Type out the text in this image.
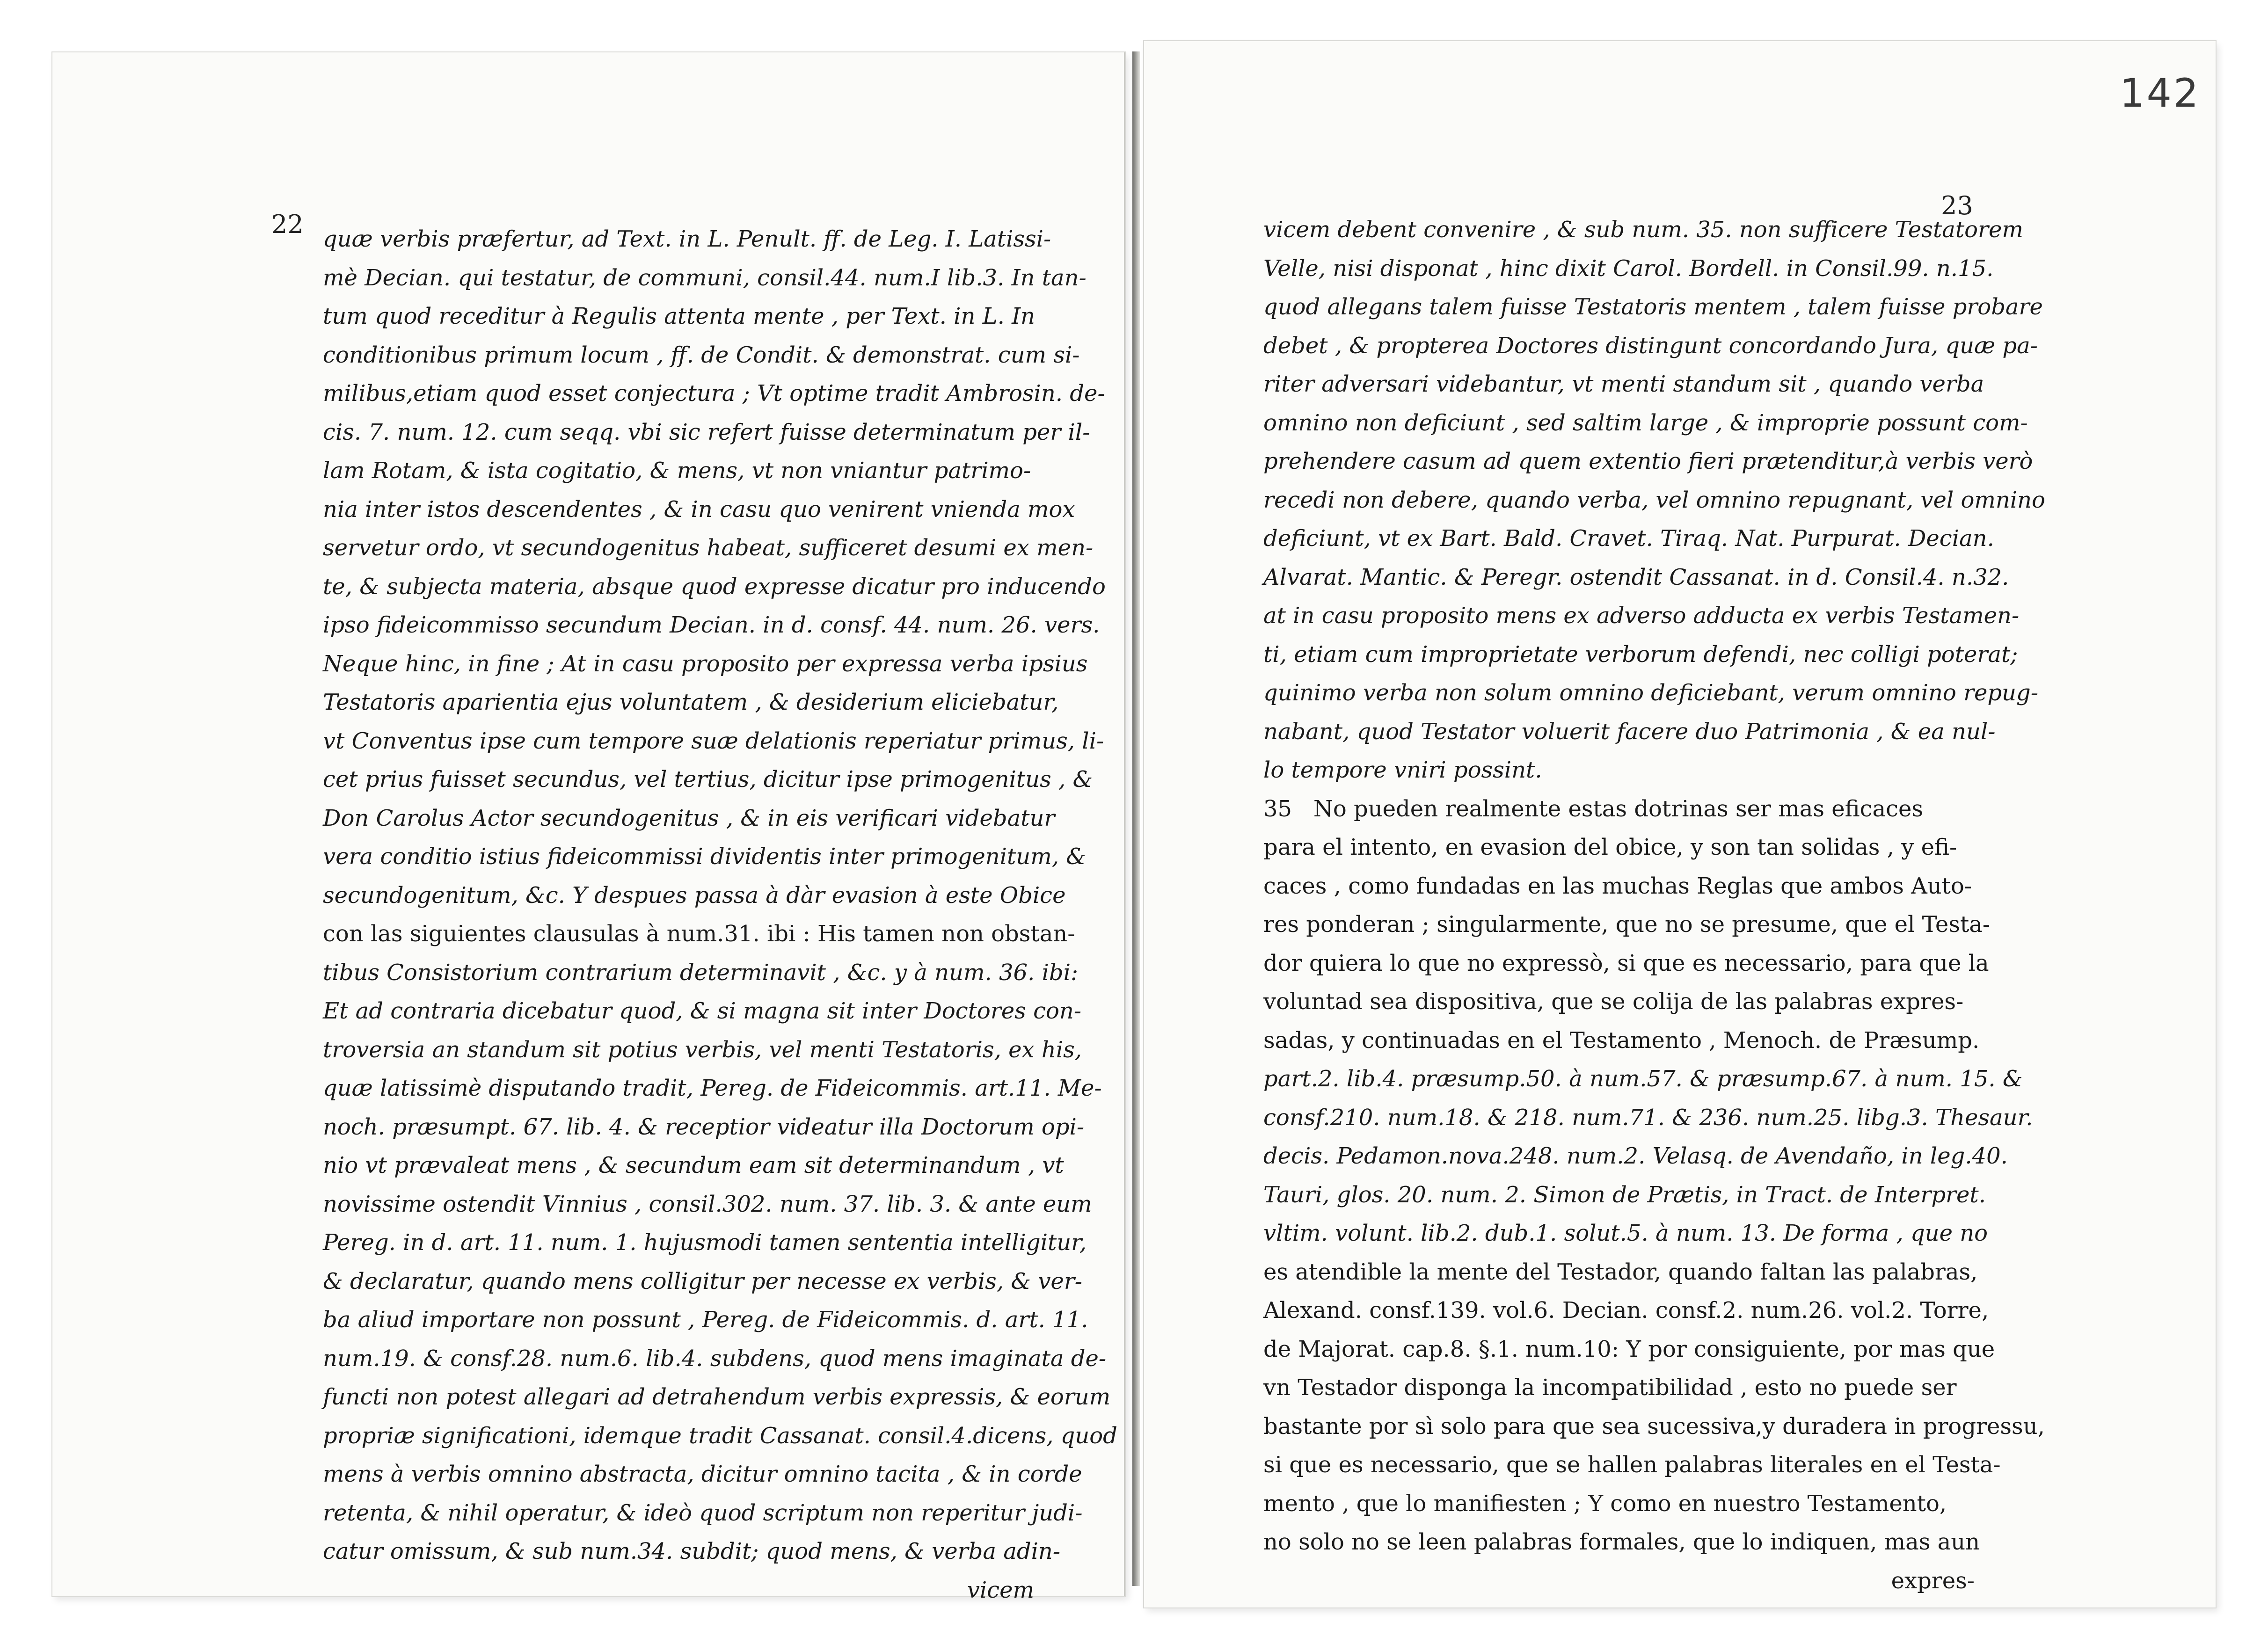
142
22
23
quæ verbis præfertur, ad Text. in L. Penult. ff. de Leg. I. Latissi-
mè Decian. qui testatur, de communi, consil.44. num.I lib.3. In tan-
tum quod receditur à Regulis attenta mente , per Text. in L. In
conditionibus primum locum , ff. de Condit. & demonstrat. cum si-
milibus,etiam quod esset conjectura ; Vt optime tradit Ambrosin. de-
cis. 7. num. 12. cum seqq. vbi sic refert fuisse determinatum per il-
lam Rotam, & ista cogitatio, & mens, vt non vniantur patrimo-
nia inter istos descendentes , & in casu quo venirent vnienda mox
servetur ordo, vt secundogenitus habeat, sufficeret desumi ex men-
te, & subjecta materia, absque quod expresse dicatur pro inducendo
ipso fideicommisso secundum Decian. in d. consf. 44. num. 26. vers.
Neque hinc, in fine ; At in casu proposito per expressa verba ipsius
Testatoris aparientia ejus voluntatem , & desiderium eliciebatur,
vt Conventus ipse cum tempore suæ delationis reperiatur primus, li-
cet prius fuisset secundus, vel tertius, dicitur ipse primogenitus , &
Don Carolus Actor secundogenitus , & in eis verificari videbatur
vera conditio istius fideicommissi dividentis inter primogenitum, &
secundogenitum, &c. Y despues passa à dàr evasion à este Obice
con las siguientes clausulas à num.31. ibi : His tamen non obstan-
tibus Consistorium contrarium determinavit , &c. y à num. 36. ibi:
Et ad contraria dicebatur quod, & si magna sit inter Doctores con-
troversia an standum sit potius verbis, vel menti Testatoris, ex his,
quæ latissimè disputando tradit, Pereg. de Fideicommis. art.11. Me-
noch. præsumpt. 67. lib. 4. & receptior videatur illa Doctorum opi-
nio vt prævaleat mens , & secundum eam sit determinandum , vt
novissime ostendit Vinnius , consil.302. num. 37. lib. 3. & ante eum
Pereg. in d. art. 11. num. 1. hujusmodi tamen sententia intelligitur,
& declaratur, quando mens colligitur per necesse ex verbis, & ver-
ba aliud importare non possunt , Pereg. de Fideicommis. d. art. 11.
num.19. & consf.28. num.6. lib.4. subdens, quod mens imaginata de-
functi non potest allegari ad detrahendum verbis expressis, & eorum
propriæ significationi, idemque tradit Cassanat. consil.4.dicens, quod
mens à verbis omnino abstracta, dicitur omnino tacita , & in corde
retenta, & nihil operatur, & ideò quod scriptum non reperitur judi-
catur omissum, & sub num.34. subdit; quod mens, & verba adin-
vicem
vicem debent convenire , & sub num. 35. non sufficere Testatorem
Velle, nisi disponat , hinc dixit Carol. Bordell. in Consil.99. n.15.
quod allegans talem fuisse Testatoris mentem , talem fuisse probare
debet , & propterea Doctores distingunt concordando Jura, quæ pa-
riter adversari videbantur, vt menti standum sit , quando verba
omnino non deficiunt , sed saltim large , & improprie possunt com-
prehendere casum ad quem extentio fieri prætenditur,à verbis verò
recedi non debere, quando verba, vel omnino repugnant, vel omnino
deficiunt, vt ex Bart. Bald. Cravet. Tiraq. Nat. Purpurat. Decian.
Alvarat. Mantic. & Peregr. ostendit Cassanat. in d. Consil.4. n.32.
at in casu proposito mens ex adverso adducta ex verbis Testamen-
ti, etiam cum improprietate verborum defendi, nec colligi poterat;
quinimo verba non solum omnino deficiebant, verum omnino repug-
nabant, quod Testator voluerit facere duo Patrimonia , & ea nul-
lo tempore vniri possint.
35   No pueden realmente estas dotrinas ser mas eficaces
para el intento, en evasion del obice, y son tan solidas , y efi-
caces , como fundadas en las muchas Reglas que ambos Auto-
res ponderan ; singularmente, que no se presume, que el Testa-
dor quiera lo que no expressò, si que es necessario, para que la
voluntad sea dispositiva, que se colija de las palabras expres-
sadas, y continuadas en el Testamento , Menoch. de Præsump.
part.2. lib.4. præsump.50. à num.57. & præsump.67. à num. 15. &
consf.210. num.18. & 218. num.71. & 236. num.25. libg.3. Thesaur.
decis. Pedamon.nova.248. num.2. Velasq. de Avendaño, in leg.40.
Tauri, glos. 20. num. 2. Simon de Prætis, in Tract. de Interpret.
vltim. volunt. lib.2. dub.1. solut.5. à num. 13. De forma , que no
es atendible la mente del Testador, quando faltan las palabras,
Alexand. consf.139. vol.6. Decian. consf.2. num.26. vol.2. Torre,
de Majorat. cap.8. §.1. num.10: Y por consiguiente, por mas que
vn Testador disponga la incompatibilidad , esto no puede ser
bastante por sì solo para que sea sucessiva,y duradera in progressu,
si que es necessario, que se hallen palabras literales en el Testa-
mento , que lo manifiesten ; Y como en nuestro Testamento,
no solo no se leen palabras formales, que lo indiquen, mas aun
expres-
